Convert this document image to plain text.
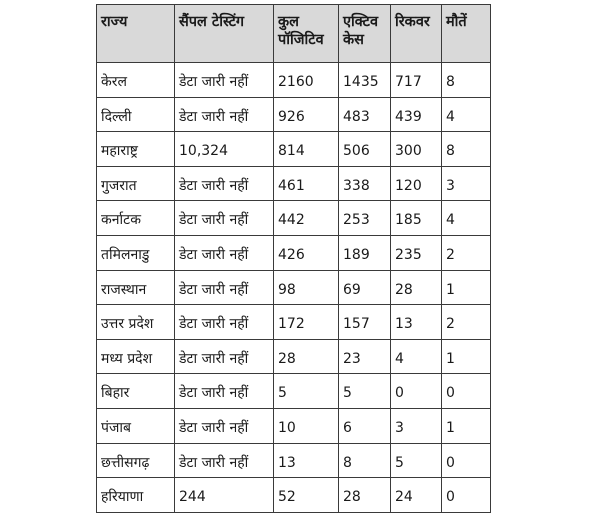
राज्य	सैंपल टेस्टिंग	कुल पॉजिटिव	एक्टिव केस	रिकवर	मौतें
केरल	डेटा जारी नहीं	2160	1435	717	8
दिल्ली	डेटा जारी नहीं	926	483	439	4
महाराष्ट्र	10,324	814	506	300	8
गुजरात	डेटा जारी नहीं	461	338	120	3
कर्नाटक	डेटा जारी नहीं	442	253	185	4
तमिलनाडु	डेटा जारी नहीं	426	189	235	2
राजस्थान	डेटा जारी नहीं	98	69	28	1
उत्तर प्रदेश	डेटा जारी नहीं	172	157	13	2
मध्य प्रदेश	डेटा जारी नहीं	28	23	4	1
बिहार	डेटा जारी नहीं	5	5	0	0
पंजाब	डेटा जारी नहीं	10	6	3	1
छत्तीसगढ़	डेटा जारी नहीं	13	8	5	0
हरियाणा	244	52	28	24	0
